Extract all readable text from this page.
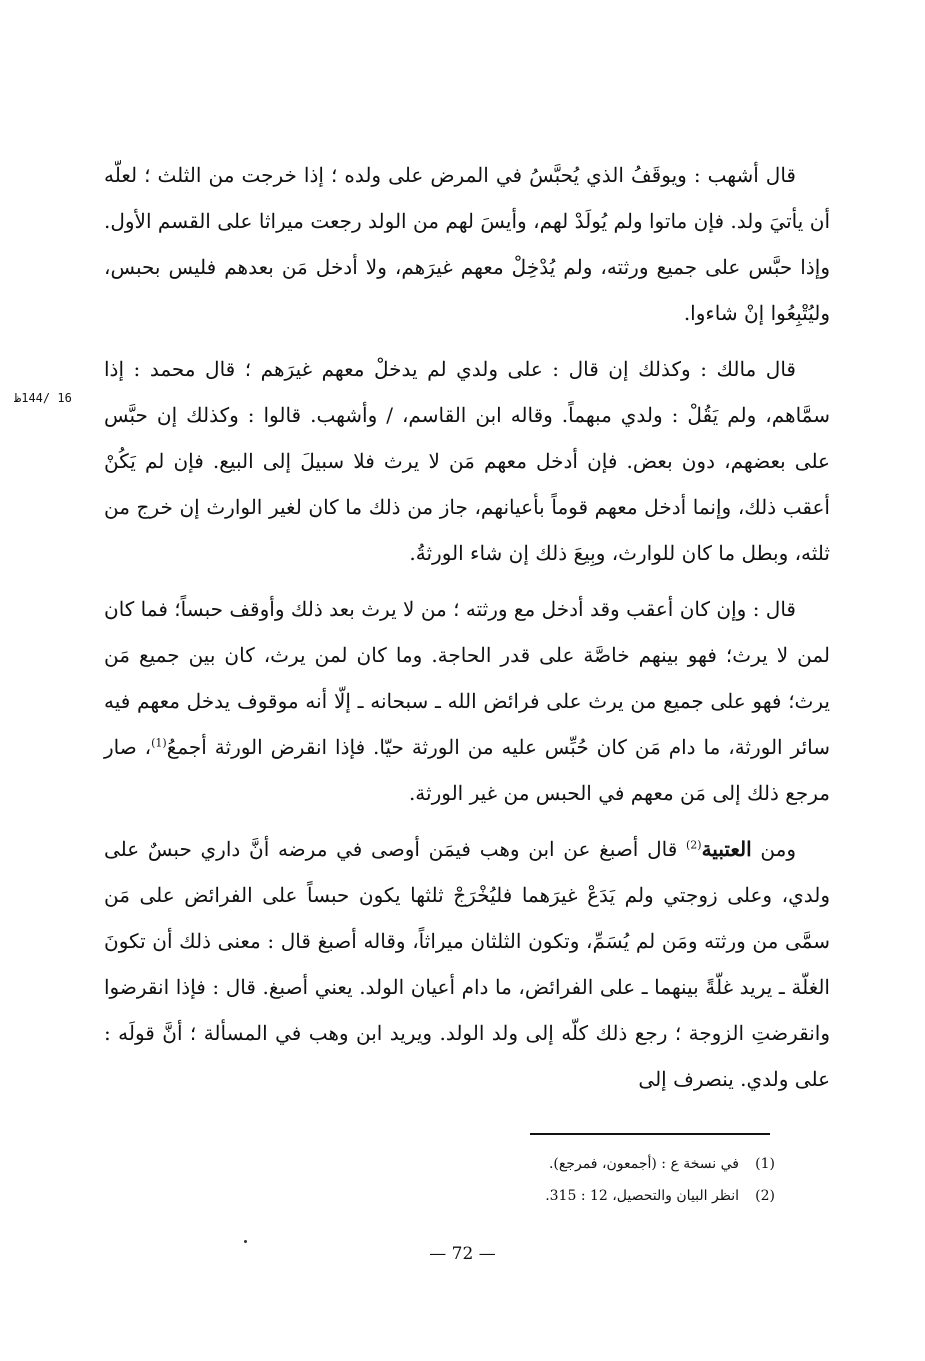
16 /144ظ

قال أشهب : ويوقَفُ الذي يُحبَّسُ في المرض على ولده ؛ إذا خرجت من الثلث ؛ لعلّه أن يأتيَ ولد. فإن ماتوا ولم يُولَدْ لهم، وأيسَ لهم من الولد رجعت ميراثا على القسم الأول. وإذا حبَّس على جميع ورثته، ولم يُدْخِلْ معهم غيرَهم، ولا أدخل مَن بعدهم فليس بحبس، وليُتْبِعُوا إنْ شاءوا.

قال مالك : وكذلك إن قال : على ولدي لم يدخلْ معهم غيرَهم ؛ قال محمد : إذا سمَّاهم، ولم يَقُلْ : ولدي مبهماً. وقاله ابن القاسم، / وأشهب. قالوا : وكذلك إن حبَّس على بعضهم، دون بعض. فإن أدخل معهم مَن لا يرث فلا سبيلَ إلى البيع. فإن لم يَكُنْ أعقب ذلك، وإنما أدخل معهم قوماً بأعيانهم، جاز من ذلك ما كان لغير الوارث إن خرج من ثلثه، وبطل ما كان للوارث، وبِيعَ ذلك إن شاء الورثةُ.

قال : وإن كان أعقب وقد أدخل مع ورثته ؛ من لا يرث بعد ذلك وأوقف حبساً؛ فما كان لمن لا يرث؛ فهو بينهم خاصَّة على قدر الحاجة. وما كان لمن يرث، كان بين جميع مَن يرث؛ فهو على جميع من يرث على فرائض الله ـ سبحانه ـ إلّا أنه موقوف يدخل معهم فيه سائر الورثة، ما دام مَن كان حُبِّس عليه من الورثة حيّا. فإذا انقرض الورثة أجمعُ$^{(1)}$، صار مرجع ذلك إلى مَن معهم في الحبس من غير الورثة.

ومن العتبية$^{(2)}$ قال أصبغ عن ابن وهب فيمَن أوصى في مرضه أنَّ داري حبسٌ على ولدي، وعلى زوجتي ولم يَدَعْ غيرَهما فليُخْرَجْ ثلثها يكون حبساً على الفرائض على مَن سمَّى من ورثته ومَن لم يُسَمِّ، وتكون الثلثان ميراثاً، وقاله أصبغ قال : معنى ذلك أن تكونَ الغلّة ـ يريد غلّةً بينهما ـ على الفرائض، ما دام أعيان الولد. يعني أصبغ. قال : فإذا انقرضوا وانقرضتِ الزوجة ؛ رجع ذلك كلّه إلى ولد الولد. ويريد ابن وهب في المسألة ؛ أنَّ قولَه : على ولدي. ينصرف إلى

(1)في نسخة ع : (أجمعون، فمرجع).
(2)انظر البيان والتحصيل، 12 : 315.
— 72 —
